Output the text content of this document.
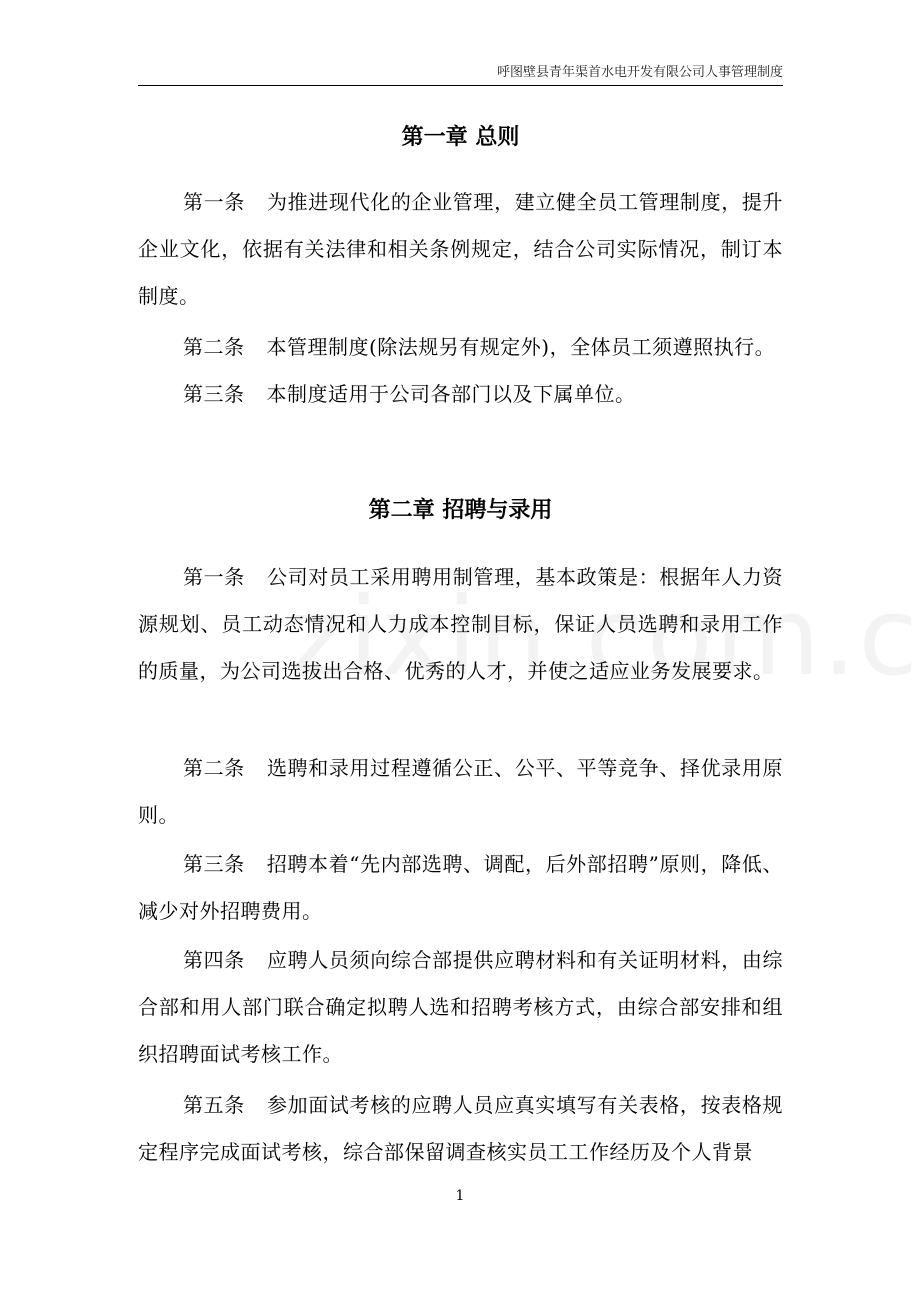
呼图壁县青年渠首水电开发有限公司人事管理制度
第一章 总则
第一条 为推进现代化的企业管理，建立健全员工管理制度，提升企业文化，依据有关法律和相关条例规定，结合公司实际情况，制订本制度。
第二条 本管理制度(除法规另有规定外)，全体员工须遵照执行。
第三条 本制度适用于公司各部门以及下属单位。
第二章 招聘与录用
第一条 公司对员工采用聘用制管理，基本政策是：根据年人力资源规划、员工动态情况和人力成本控制目标，保证人员选聘和录用工作的质量，为公司选拔出合格、优秀的人才，并使之适应业务发展要求。
第二条 选聘和录用过程遵循公正、公平、平等竞争、择优录用原则。
第三条 招聘本着“先内部选聘、调配，后外部招聘”原则，降低、减少对外招聘费用。
第四条 应聘人员须向综合部提供应聘材料和有关证明材料，由综合部和用人部门联合确定拟聘人选和招聘考核方式，由综合部安排和组织招聘面试考核工作。
第五条 参加面试考核的应聘人员应真实填写有关表格，按表格规定程序完成面试考核，综合部保留调查核实员工工作经历及个人背景
1
